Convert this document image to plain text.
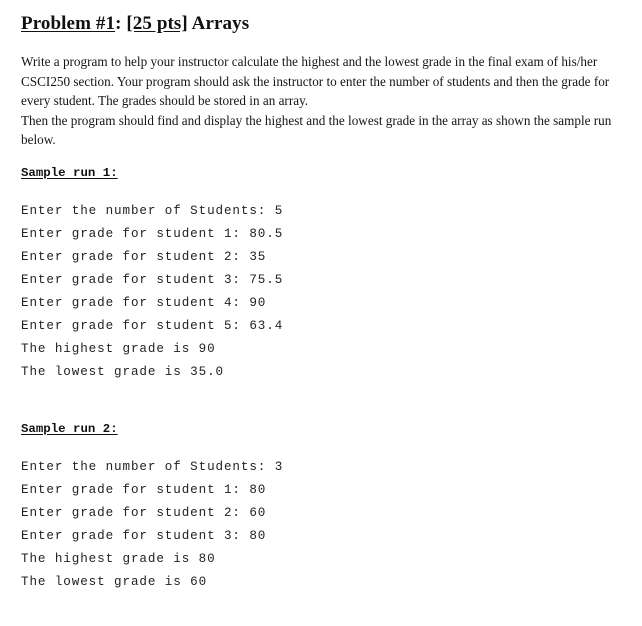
Problem #1: [25 pts] Arrays

Write a program to help your instructor calculate the highest and the lowest grade in the final exam of his/her CSCI250 section. Your program should ask the instructor to enter the number of students and then the grade for every student. The grades should be stored in an array.

Then the program should find and display the highest and the lowest grade in the array as shown the sample run below.

Sample run 1:
Enter the number of Students: 5
Enter grade for student 1: 80.5
Enter grade for student 2: 35
Enter grade for student 3: 75.5
Enter grade for student 4: 90
Enter grade for student 5: 63.4
The highest grade is 90
The lowest grade is 35.0
Sample run 2:
Enter the number of Students: 3
Enter grade for student 1: 80
Enter grade for student 2: 60
Enter grade for student 3: 80
The highest grade is 80
The lowest grade is 60
